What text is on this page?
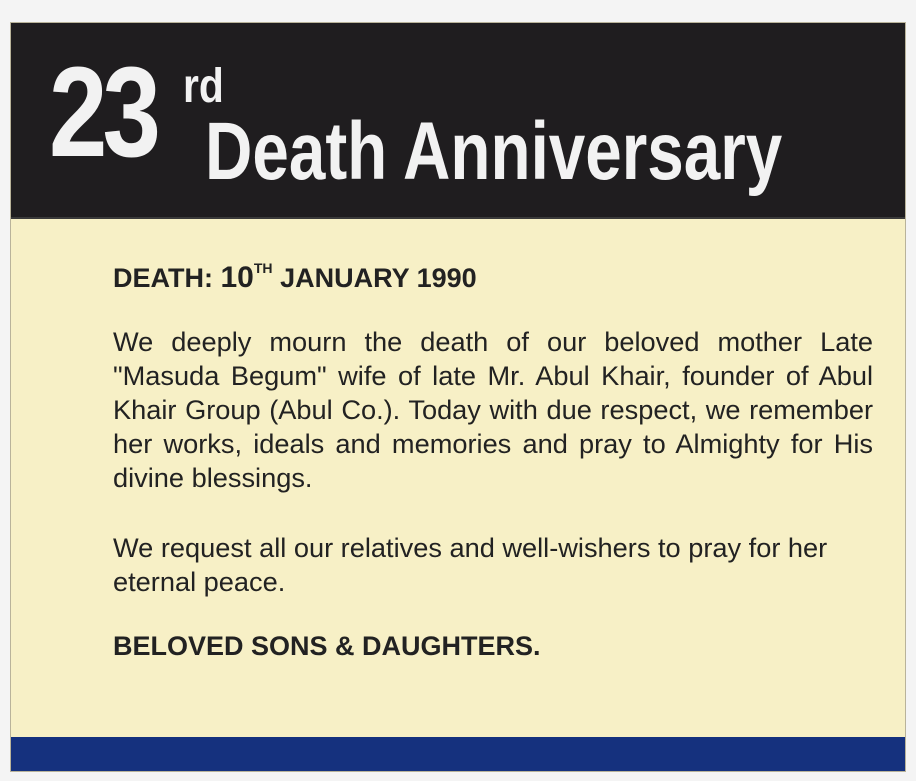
23 rd
Death Anniversary
DEATH: 10TH JANUARY 1990

We deeply mourn the death of our beloved mother Late "Masuda Begum" wife of late Mr. Abul Khair, founder of Abul Khair Group (Abul Co.). Today with due respect, we remember her works, ideals and memories and pray to Almighty for His divine blessings.

We request all our relatives and well-wishers to pray for her eternal peace.

BELOVED SONS & DAUGHTERS.
